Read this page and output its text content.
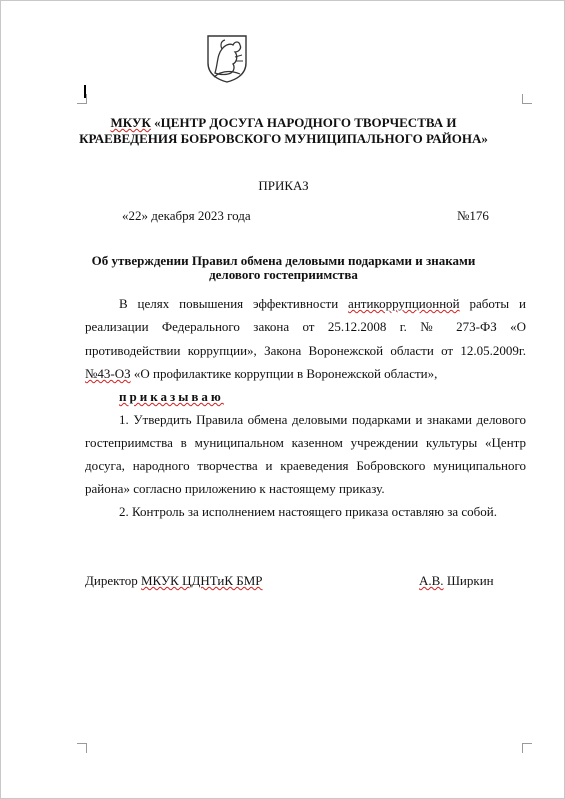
МКУК «ЦЕНТР ДОСУГА НАРОДНОГО ТВОРЧЕСТВА И
КРАЕВЕДЕНИЯ БОБРОВСКОГО МУНИЦИПАЛЬНОГО РАЙОНА»
ПРИКАЗ
«22» декабря 2023 года	№176
Об утверждении Правил обмена деловыми подарками и знаками
делового гостеприимства
В целях повышения эффективности антикоррупционной работы и
реализации Федерального закона от 25.12.2008 г. № 273-ФЗ «О
противодействии коррупции», Закона Воронежской области от 12.05.2009г.
№43-ОЗ «О профилактике коррупции в Воронежской области»,
приказываю
1. Утвердить Правила обмена деловыми подарками и знаками делового
гостеприимства в муниципальном казенном учреждении культуры «Центр
досуга, народного творчества и краеведения Бобровского муниципального
района» согласно приложению к настоящему приказу.
2. Контроль за исполнением настоящего приказа оставляю за собой.
Директор МКУК ЦДНТиК БМР	А.В. Ширкин
